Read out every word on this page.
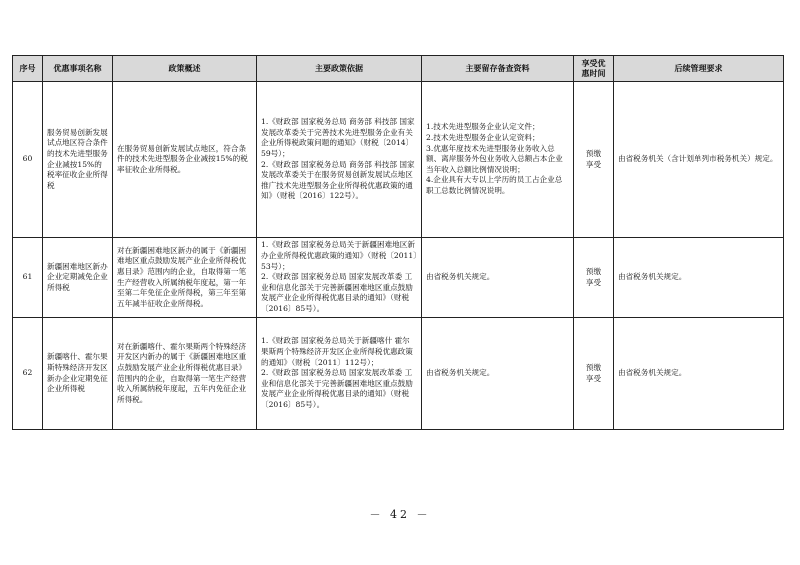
序号	优惠事项名称	政策概述	主要政策依据	主要留存备查资料	享受优
惠时间	后续管理要求
60	服务贸易创新发展试点地区符合条件的技术先进型服务企业减按15%的税率征收企业所得税	在服务贸易创新发展试点地区，符合条件的技术先进型服务企业减按15%的税率征收企业所得税。	1.《财政部 国家税务总局 商务部 科技部 国家发展改革委关于完善技术先进型服务企业有关企业所得税政策问题的通知》（财税〔2014〕59号）；
2.《财政部 国家税务总局 商务部 科技部 国家发展改革委关于在服务贸易创新发展试点地区推广技术先进型服务企业所得税优惠政策的通知》（财税〔2016〕122号）。	1.技术先进型服务企业认定文件；
2.技术先进型服务企业认定资料；
3.优惠年度技术先进型服务业务收入总额、离岸服务外包业务收入总额占本企业当年收入总额比例情况说明；
4.企业具有大专以上学历的员工占企业总职工总数比例情况说明。	预缴
享受	由省税务机关（含计划单列市税务机关）规定。
61	新疆困难地区新办企业定期减免企业所得税	对在新疆困难地区新办的属于《新疆困难地区重点鼓励发展产业企业所得税优惠目录》范围内的企业，自取得第一笔生产经营收入所属纳税年度起，第一年至第二年免征企业所得税，第三年至第五年减半征收企业所得税。	1.《财政部 国家税务总局关于新疆困难地区新办企业所得税优惠政策的通知》（财税〔2011〕53号）；
2.《财政部 国家税务总局 国家发展改革委 工业和信息化部关于完善新疆困难地区重点鼓励发展产业企业所得税优惠目录的通知》（财税〔2016〕85号）。	由省税务机关规定。	预缴
享受	由省税务机关规定。
62	新疆喀什、霍尔果斯特殊经济开发区新办企业定期免征企业所得税	对在新疆喀什、霍尔果斯两个特殊经济开发区内新办的属于《新疆困难地区重点鼓励发展产业企业所得税优惠目录》范围内的企业，自取得第一笔生产经营收入所属纳税年度起，五年内免征企业所得税。	1.《财政部 国家税务总局关于新疆喀什 霍尔果斯两个特殊经济开发区企业所得税优惠政策的通知》（财税〔2011〕112号）；
2.《财政部 国家税务总局 国家发展改革委 工业和信息化部关于完善新疆困难地区重点鼓励发展产业企业所得税优惠目录的通知》（财税〔2016〕85号）。	由省税务机关规定。	预缴
享受	由省税务机关规定。
－ 42 －
